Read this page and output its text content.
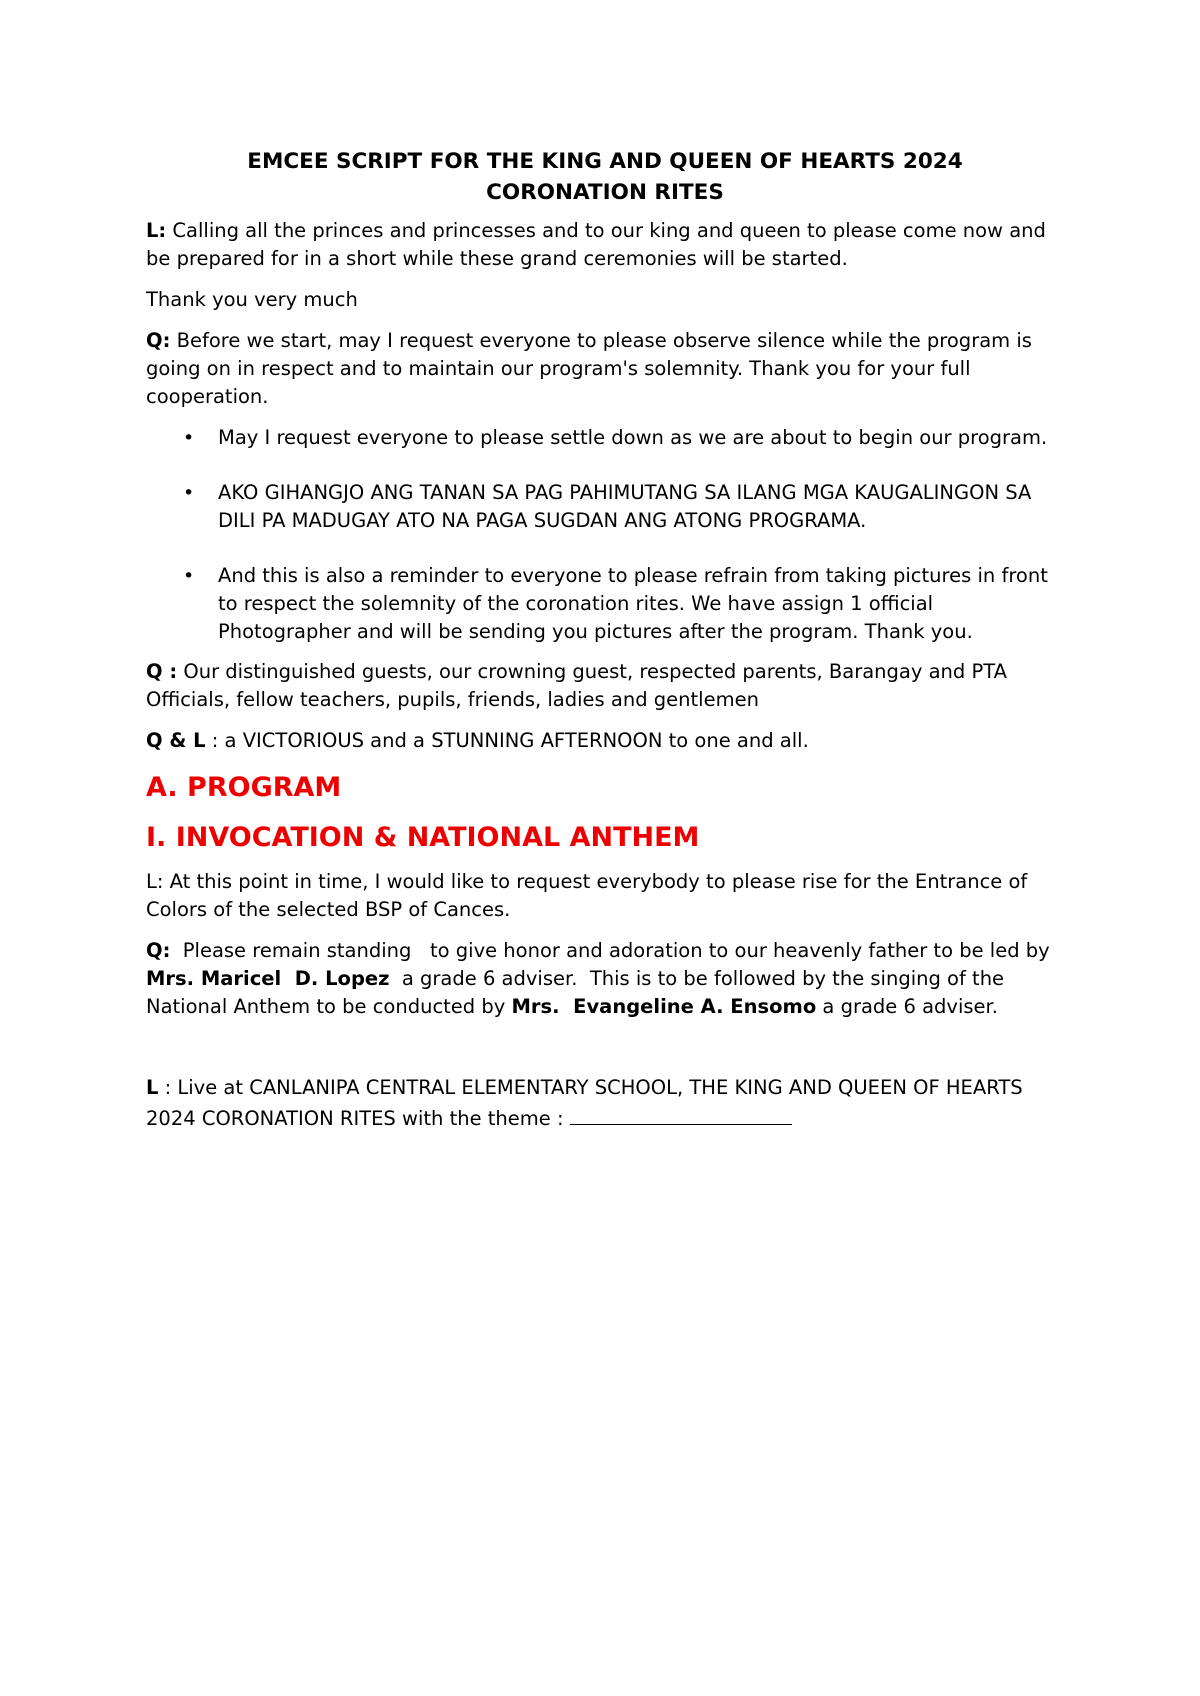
EMCEE SCRIPT FOR THE KING AND QUEEN OF HEARTS 2024
CORONATION RITES

L: Calling all the princes and princesses and to our king and queen to please come now and be prepared for in a short while these grand ceremonies will be started.

Thank you very much

Q: Before we start, may I request everyone to please observe silence while the program is going on in respect and to maintain our program's solemnity. Thank you for your full cooperation.

• May I request everyone to please settle down as we are about to begin our program.
• AKO GIHANGJO ANG TANAN SA PAG PAHIMUTANG SA ILANG MGA KAUGALINGON SA DILI PA MADUGAY ATO NA PAGA SUGDAN ANG ATONG PROGRAMA.
• And this is also a reminder to everyone to please refrain from taking pictures in front to respect the solemnity of the coronation rites. We have assign 1 official Photographer and will be sending you pictures after the program. Thank you.

Q : Our distinguished guests, our crowning guest, respected parents, Barangay and PTA Officials, fellow teachers, pupils, friends, ladies and gentlemen

Q & L : a VICTORIOUS and a STUNNING AFTERNOON to one and all.

A. PROGRAM
I. INVOCATION & NATIONAL ANTHEM

L: At this point in time, I would like to request everybody to please rise for the Entrance of Colors of the selected BSP of Cances.

Q:  Please remain standing   to give honor and adoration to our heavenly father to be led by Mrs. Maricel  D. Lopez  a grade 6 adviser.  This is to be followed by the singing of the National Anthem to be conducted by Mrs.  Evangeline A. Ensomo a grade 6 adviser.

L : Live at CANLANIPA CENTRAL ELEMENTARY SCHOOL, THE KING AND QUEEN OF HEARTS 2024 CORONATION RITES with the theme :
